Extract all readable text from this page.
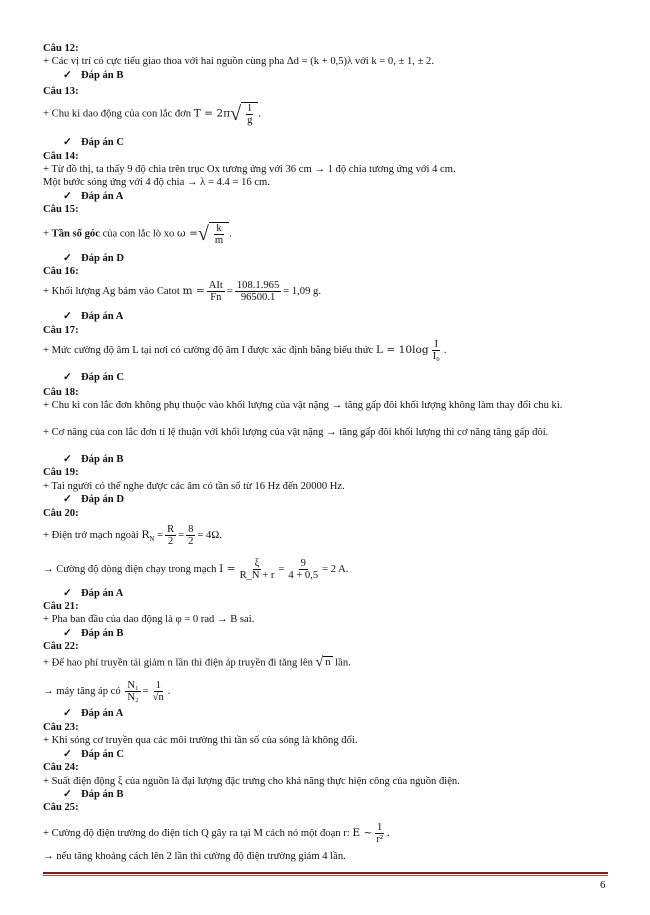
Câu 12:
+ Các vị trí có cực tiểu giao thoa với hai nguồn cùng pha Δd = (k + 0,5)λ với k = 0, ± 1, ± 2.
✓ Đáp án B
Câu 13:
+ Chu kì dao động của con lắc đơn T = 2π √ $\frac{l}{g}$ .
✓ Đáp án C
Câu 14:
+ Từ đồ thị, ta thấy 9 độ chia trên trục Ox tương ứng với 36 cm → 1 độ chia tương ứng với 4 cm.
Một bước sóng ứng với 4 độ chia → λ = 4.4 = 16 cm.
✓ Đáp án A
Câu 15:
+ Tần số góc của con lắc lò xo ω = √ $\frac{k}{m}$ .
✓ Đáp án D
Câu 16:
+ Khối lượng Ag bám vào Catot $m = \frac{\text{AIt}}{Fn} = \frac{108.1.965}{96500.1} = 1,09$ g.
✓ Đáp án A
Câu 17:
+ Mức cường độ âm L tại nơi có cường độ âm I được xác định bằng biểu thức $L = 10\log \frac{I}{\text{I₀}}$ .
✓ Đáp án C
Câu 18:
+ Chu kì con lắc đơn không phụ thuộc vào khối lượng của vật nặng → tăng gấp đôi khối lượng không làm thay đổi chu kì.
+ Cơ năng của con lắc đơn tỉ lệ thuận với khối lượng của vật nặng → tăng gấp đôi khối lượng thì cơ năng tăng gấp đôi.
✓ Đáp án B
Câu 19:
+ Tai người có thể nghe được các âm có tần số từ 16 Hz đến 20000 Hz.
✓ Đáp án D
Câu 20:
+ Điện trở mạch ngoài $R_N = \frac{R}{2} = \frac{8}{2} = 4\Omega$.
→ Cường độ dòng điện chạy trong mạch $I = \frac{\xi}{R\_N + r} = \frac{9}{4 + 0,5} = 2$ A.
✓ Đáp án A
Câu 21:
+ Pha ban đầu của dao động là φ = 0 rad → B sai.
✓ Đáp án B
Câu 22:
+ Để hao phí truyền tải giảm n lần thì điện áp truyền đi tăng lên √ n lần.
→ máy tăng áp có $\frac{\text{N₁}}{\text{N₂}} = \frac{1}{√n}$ .
✓ Đáp án A
Câu 23:
+ Khi sóng cơ truyền qua các môi trường thì tần số của sóng là không đổi.
✓ Đáp án C
Câu 24:
+ Suất điện động ξ của nguồn là đại lượng đặc trưng cho khả năng thực hiện công của nguồn điện.
✓ Đáp án B
Câu 25:
+ Cường độ điện trường do điện tích Q gây ra tại M cách nó một đoạn r: E ~ $\frac{1}{\text{r²}}$ .
→ nếu tăng khoảng cách lên 2 lần thì cường độ điện trường giảm 4 lần.
6
